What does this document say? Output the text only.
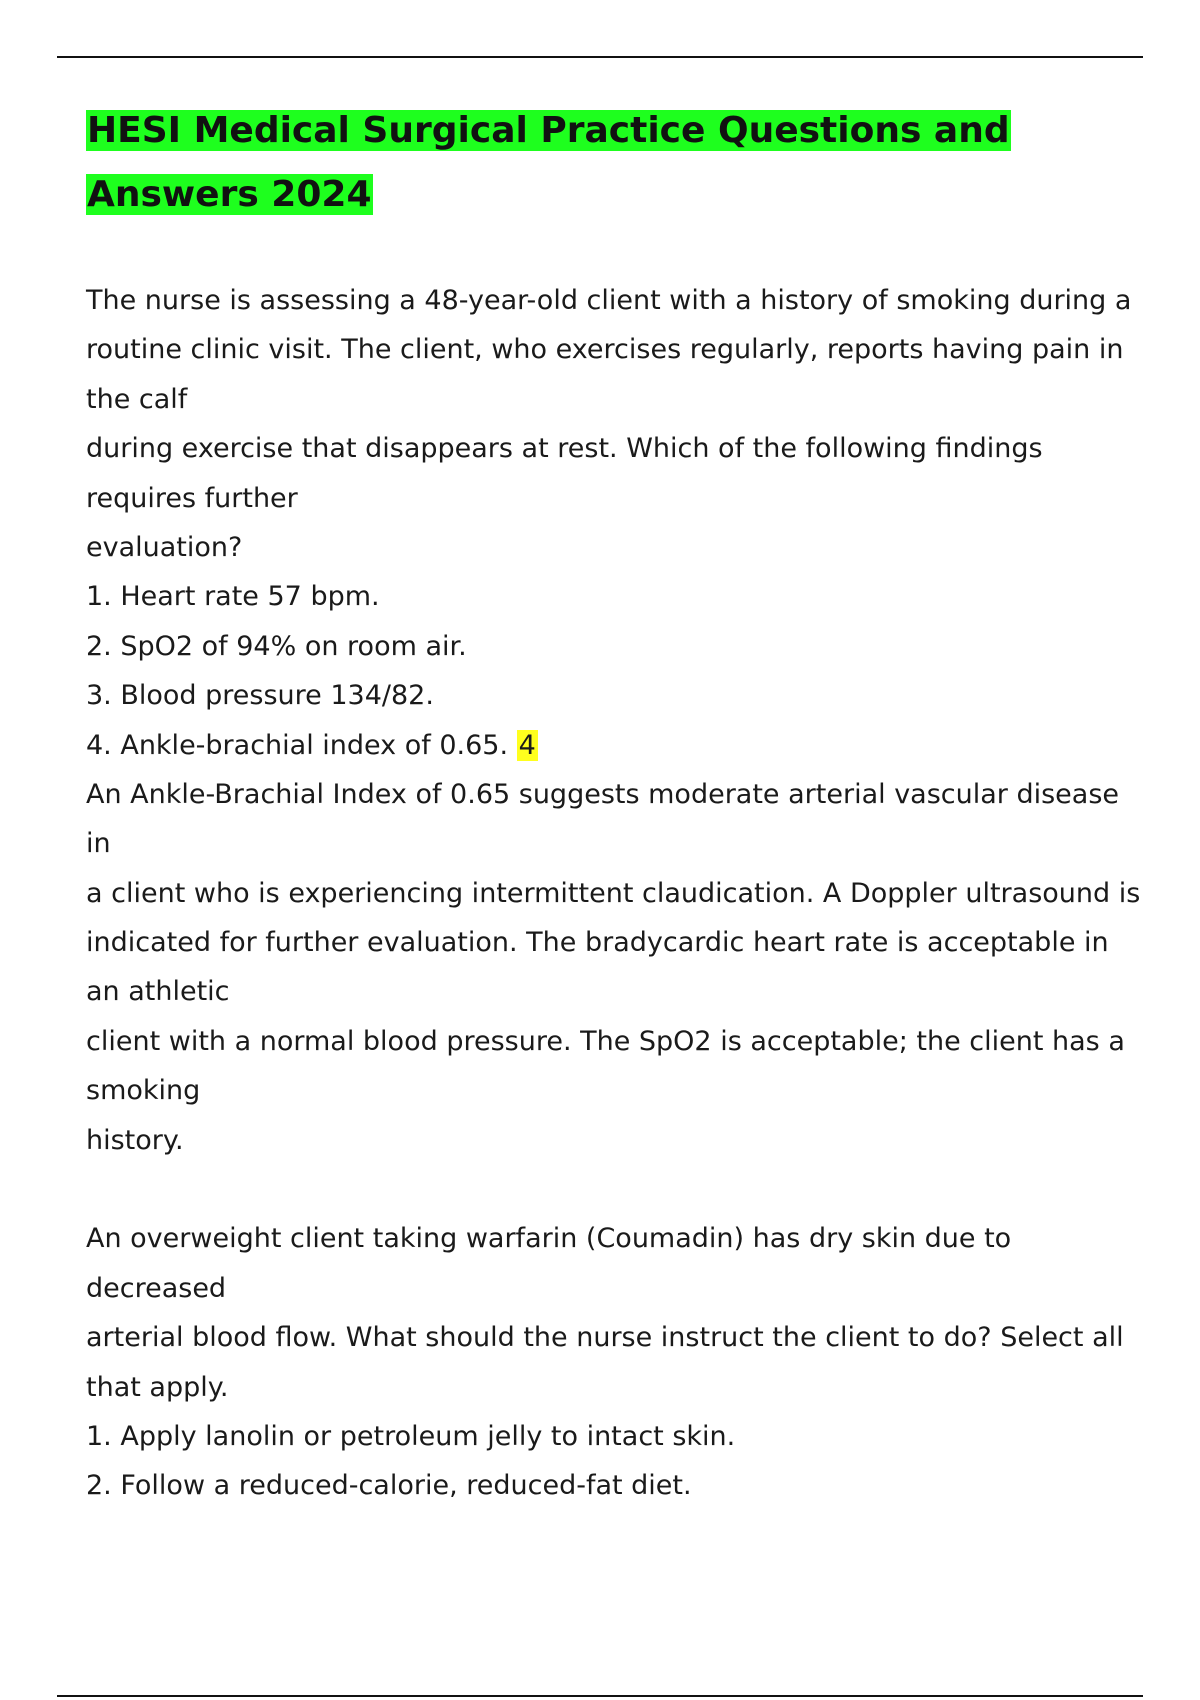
HESI Medical Surgical Practice Questions and
Answers 2024
The nurse is assessing a 48-year-old client with a history of smoking during a
routine clinic visit. The client, who exercises regularly, reports having pain in
the calf
during exercise that disappears at rest. Which of the following findings
requires further
evaluation?
1. Heart rate 57 bpm.
2. SpO2 of 94% on room air.
3. Blood pressure 134/82.
4. Ankle-brachial index of 0.65. 4
An Ankle-Brachial Index of 0.65 suggests moderate arterial vascular disease
in
a client who is experiencing intermittent claudication. A Doppler ultrasound is
indicated for further evaluation. The bradycardic heart rate is acceptable in
an athletic
client with a normal blood pressure. The SpO2 is acceptable; the client has a
smoking
history.
An overweight client taking warfarin (Coumadin) has dry skin due to
decreased
arterial blood flow. What should the nurse instruct the client to do? Select all
that apply.
1. Apply lanolin or petroleum jelly to intact skin.
2. Follow a reduced-calorie, reduced-fat diet.
